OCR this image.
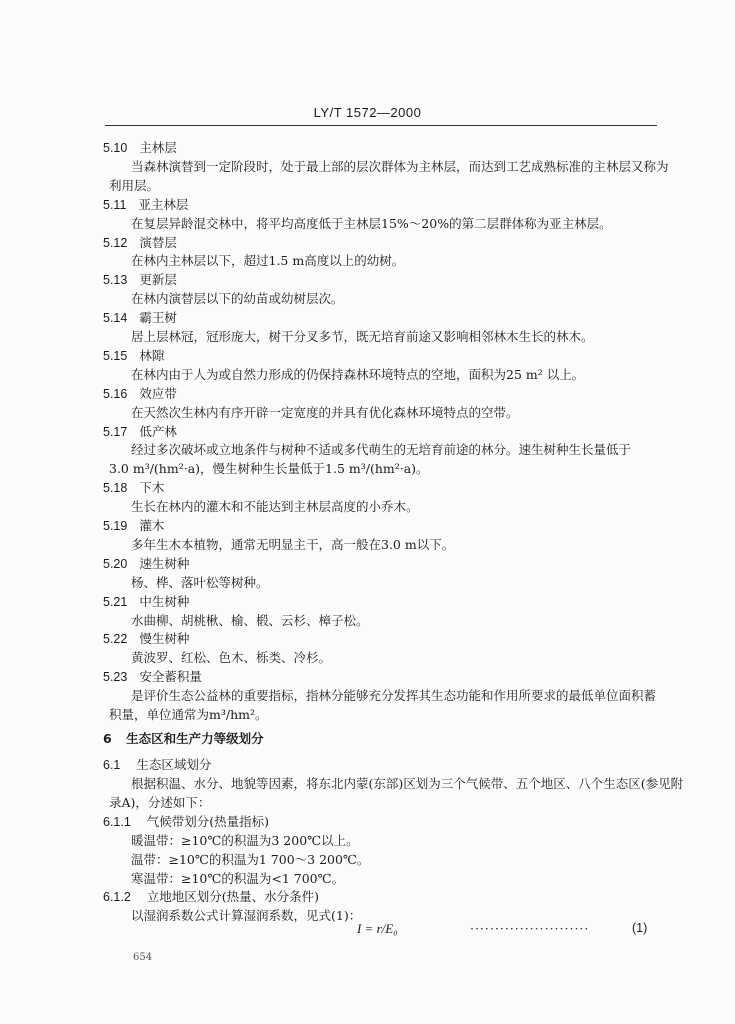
LY/T 1572—2000
5.10 主林层
当森林演替到一定阶段时，处于最上部的层次群体为主林层，而达到工艺成熟标准的主林层又称为
利用层。
5.11 亚主林层
在复层异龄混交林中，将平均高度低于主林层15%～20%的第二层群体称为亚主林层。
5.12 演替层
在林内主林层以下，超过1.5 m高度以上的幼树。
5.13 更新层
在林内演替层以下的幼苗或幼树层次。
5.14 霸王树
居上层林冠，冠形庞大，树干分叉多节，既无培育前途又影响相邻林木生长的林木。
5.15 林隙
在林内由于人为或自然力形成的仍保持森林环境特点的空地，面积为25 m² 以上。
5.16 效应带
在天然次生林内有序开辟一定宽度的并具有优化森林环境特点的空带。
5.17 低产林
经过多次破坏或立地条件与树种不适或多代萌生的无培育前途的林分。速生树种生长量低于
3.0 m³/(hm²·a)，慢生树种生长量低于1.5 m³/(hm²·a)。
5.18 下木
生长在林内的灌木和不能达到主林层高度的小乔木。
5.19 灌木
多年生木本植物，通常无明显主干，高一般在3.0 m以下。
5.20 速生树种
杨、桦、落叶松等树种。
5.21 中生树种
水曲柳、胡桃楸、榆、椴、云杉、樟子松。
5.22 慢生树种
黄波罗、红松、色木、栎类、冷杉。
5.23 安全蓄积量
是评价生态公益林的重要指标，指林分能够充分发挥其生态功能和作用所要求的最低单位面积蓄
积量，单位通常为m³/hm²。
6 生态区和生产力等级划分
6.1 生态区域划分
根据积温、水分、地貌等因素，将东北内蒙(东部)区划为三个气候带、五个地区、八个生态区(参见附
录A)，分述如下：
6.1.1 气候带划分(热量指标)
暖温带：≥10℃的积温为3 200℃以上。
温带：≥10℃的积温为1 700～3 200℃。
寒温带：≥10℃的积温为<1 700℃。
6.1.2 立地地区划分(热量、水分条件)
以湿润系数公式计算湿润系数，见式(1)：
I = r/E₀	························	(1)
654
